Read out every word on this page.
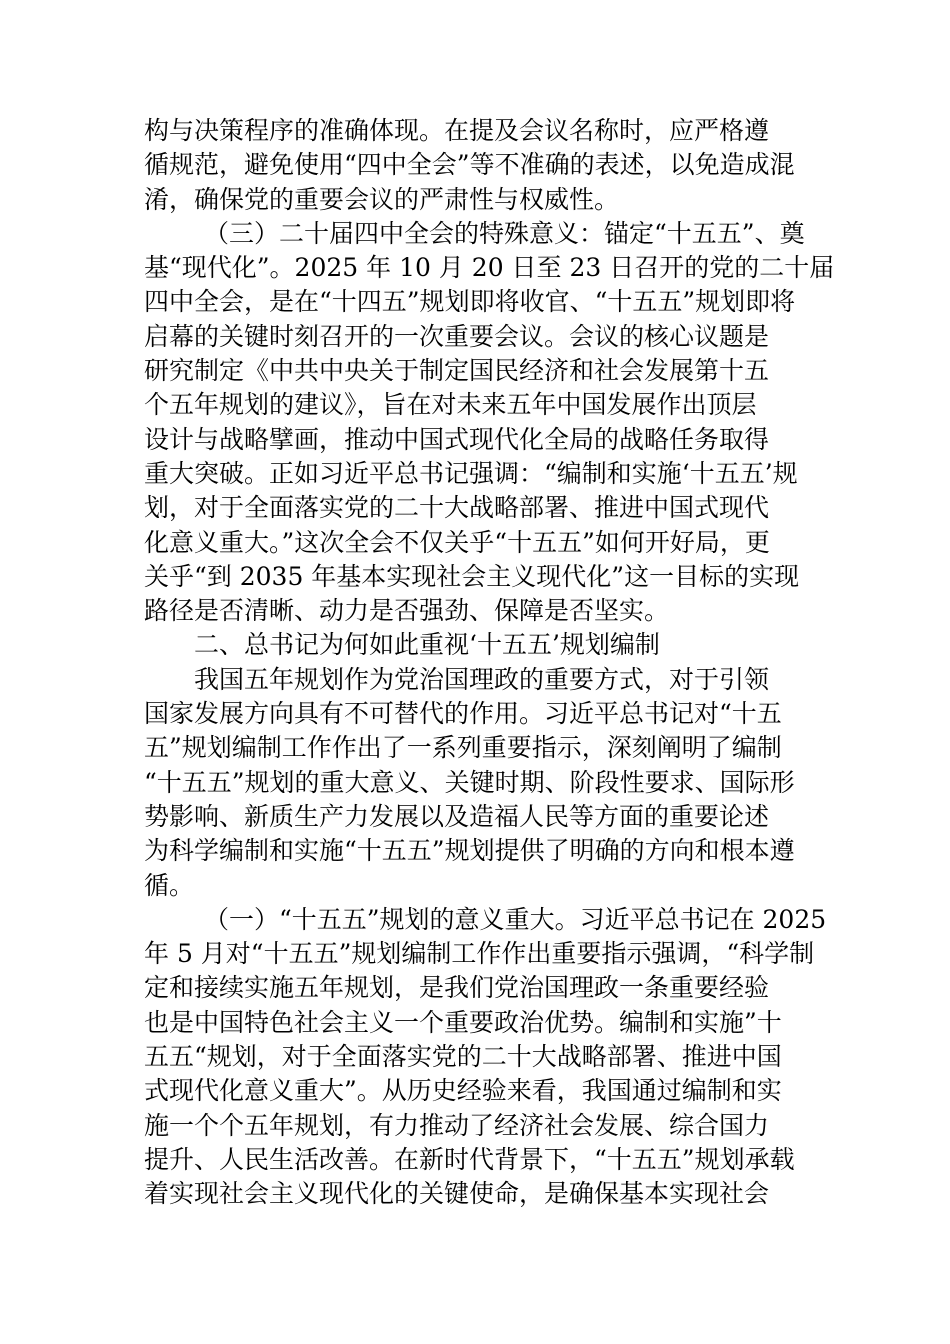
构与决策程序的准确体现。在提及会议名称时，应严格遵
循规范，避免使用“四中全会”等不准确的表述，以免造成混
淆，确保党的重要会议的严肃性与权威性。
（三）二十届四中全会的特殊意义：锚定“十五五”、奠
基“现代化”。2025 年 10 月 20 日至 23 日召开的党的二十届
四中全会，是在“十四五”规划即将收官、“十五五”规划即将
启幕的关键时刻召开的一次重要会议。会议的核心议题是
研究制定《中共中央关于制定国民经济和社会发展第十五
个五年规划的建议》，旨在对未来五年中国发展作出顶层
设计与战略擘画，推动中国式现代化全局的战略任务取得
重大突破。正如习近平总书记强调：“编制和实施‘十五五’规
划，对于全面落实党的二十大战略部署、推进中国式现代
化意义重大。”这次全会不仅关乎“十五五”如何开好局，更
关乎“到 2035 年基本实现社会主义现代化”这一目标的实现
路径是否清晰、动力是否强劲、保障是否坚实。
二、总书记为何如此重视‘十五五’规划编制
我国五年规划作为党治国理政的重要方式，对于引领
国家发展方向具有不可替代的作用。习近平总书记对“十五
五”规划编制工作作出了一系列重要指示，深刻阐明了编制
“十五五”规划的重大意义、关键时期、阶段性要求、国际形
势影响、新质生产力发展以及造福人民等方面的重要论述
为科学编制和实施“十五五”规划提供了明确的方向和根本遵
循。
（一）“十五五”规划的意义重大。习近平总书记在 2025
年 5 月对“十五五”规划编制工作作出重要指示强调，“科学制
定和接续实施五年规划，是我们党治国理政一条重要经验
也是中国特色社会主义一个重要政治优势。编制和实施”十
五五“规划，对于全面落实党的二十大战略部署、推进中国
式现代化意义重大”。从历史经验来看，我国通过编制和实
施一个个五年规划，有力推动了经济社会发展、综合国力
提升、人民生活改善。在新时代背景下，“十五五”规划承载
着实现社会主义现代化的关键使命，是确保基本实现社会
